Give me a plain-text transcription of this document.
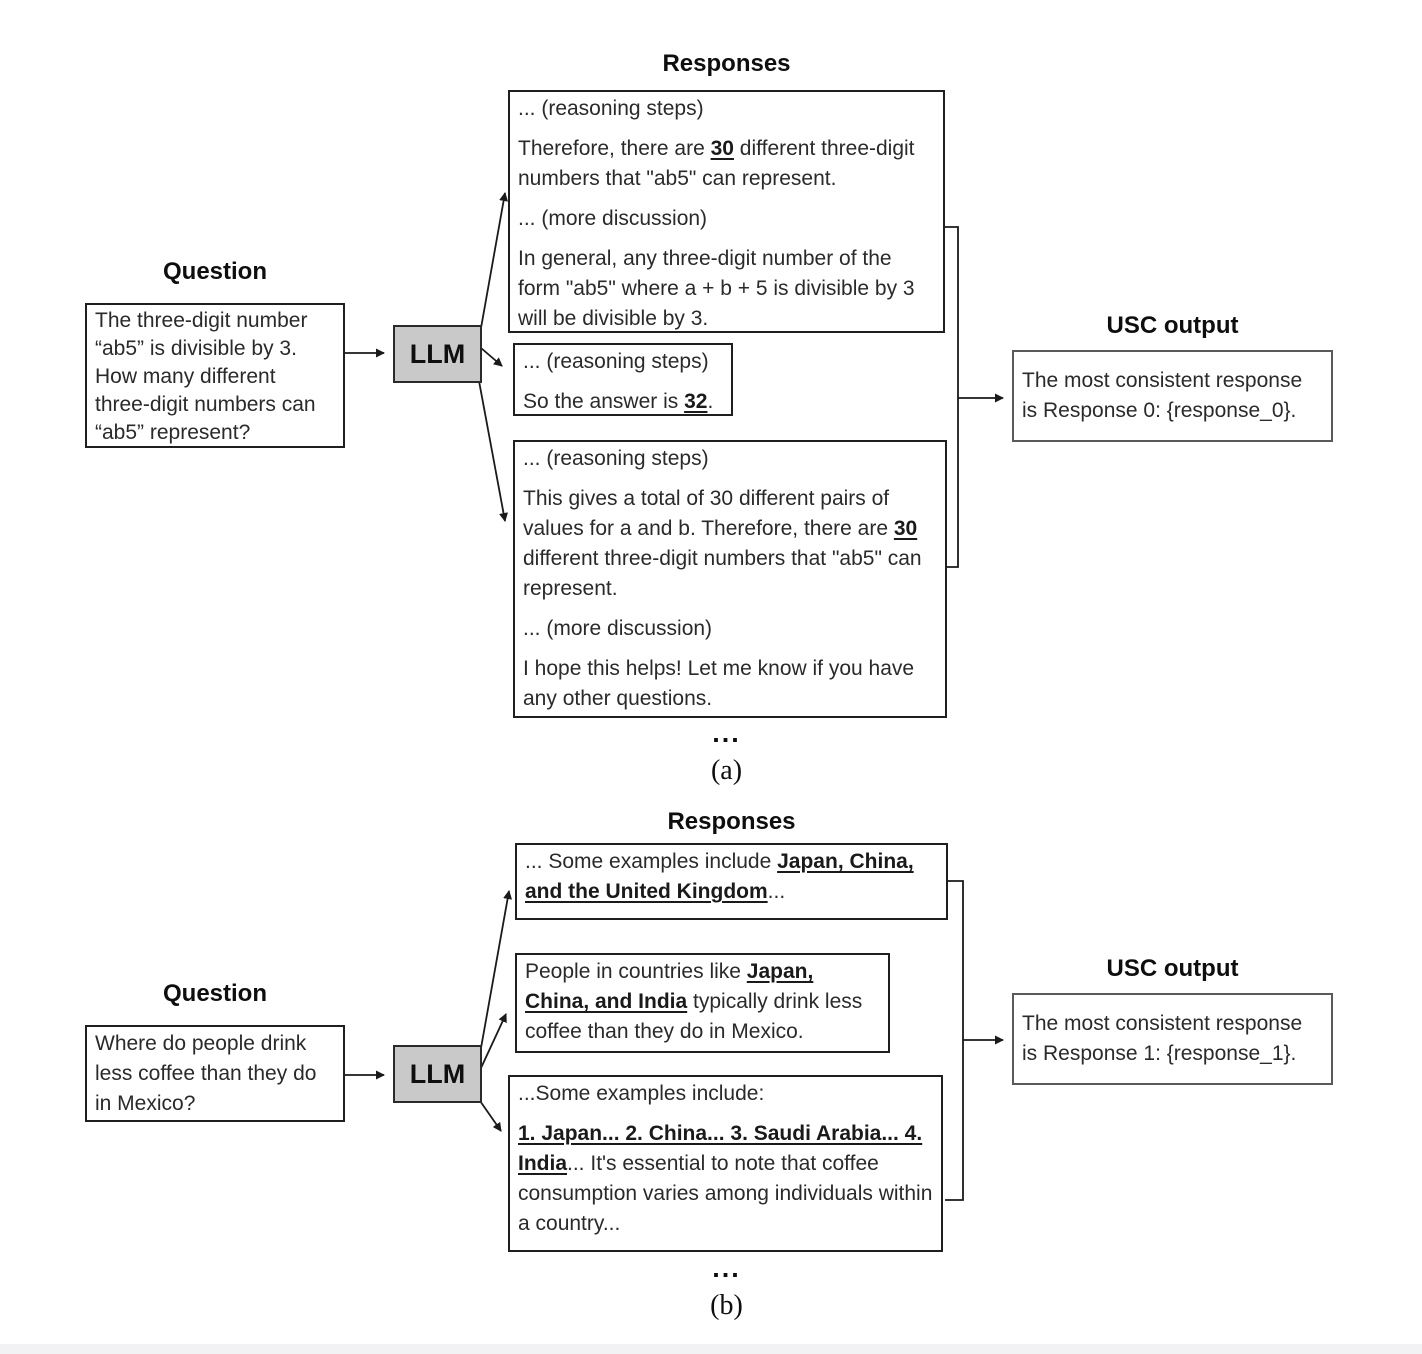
Responses

... (reasoning steps)

Therefore, there are 30 different three-digit numbers that "ab5" can represent.

... (more discussion)

In general, any three-digit number of the form "ab5" where a + b + 5 is divisible by 3 will be divisible by 3.

Question

The three-digit number “ab5” is divisible by 3. How many different three-digit numbers can “ab5” represent?

LLM	... (reasoning steps)

So the answer is 32.

... (reasoning steps)

This gives a total of 30 different pairs of values for a and b. Therefore, there are 30 different three-digit numbers that "ab5" can represent.

... (more discussion)

I hope this helps! Let me know if you have any other questions.

...
(a)
USC output

The most consistent response is Response 0: {response_0}.

Responses

... Some examples include Japan, China, and the United Kingdom...

People in countries like Japan, China, and India typically drink less coffee than they do in Mexico.

Question

Where do people drink less coffee than they do in Mexico?

LLM

...Some examples include:

1. Japan... 2. China... 3. Saudi Arabia... 4. India... It's essential to note that coffee consumption varies among individuals within a country...

...
(b)
USC output

The most consistent response is Response 1: {response_1}.
